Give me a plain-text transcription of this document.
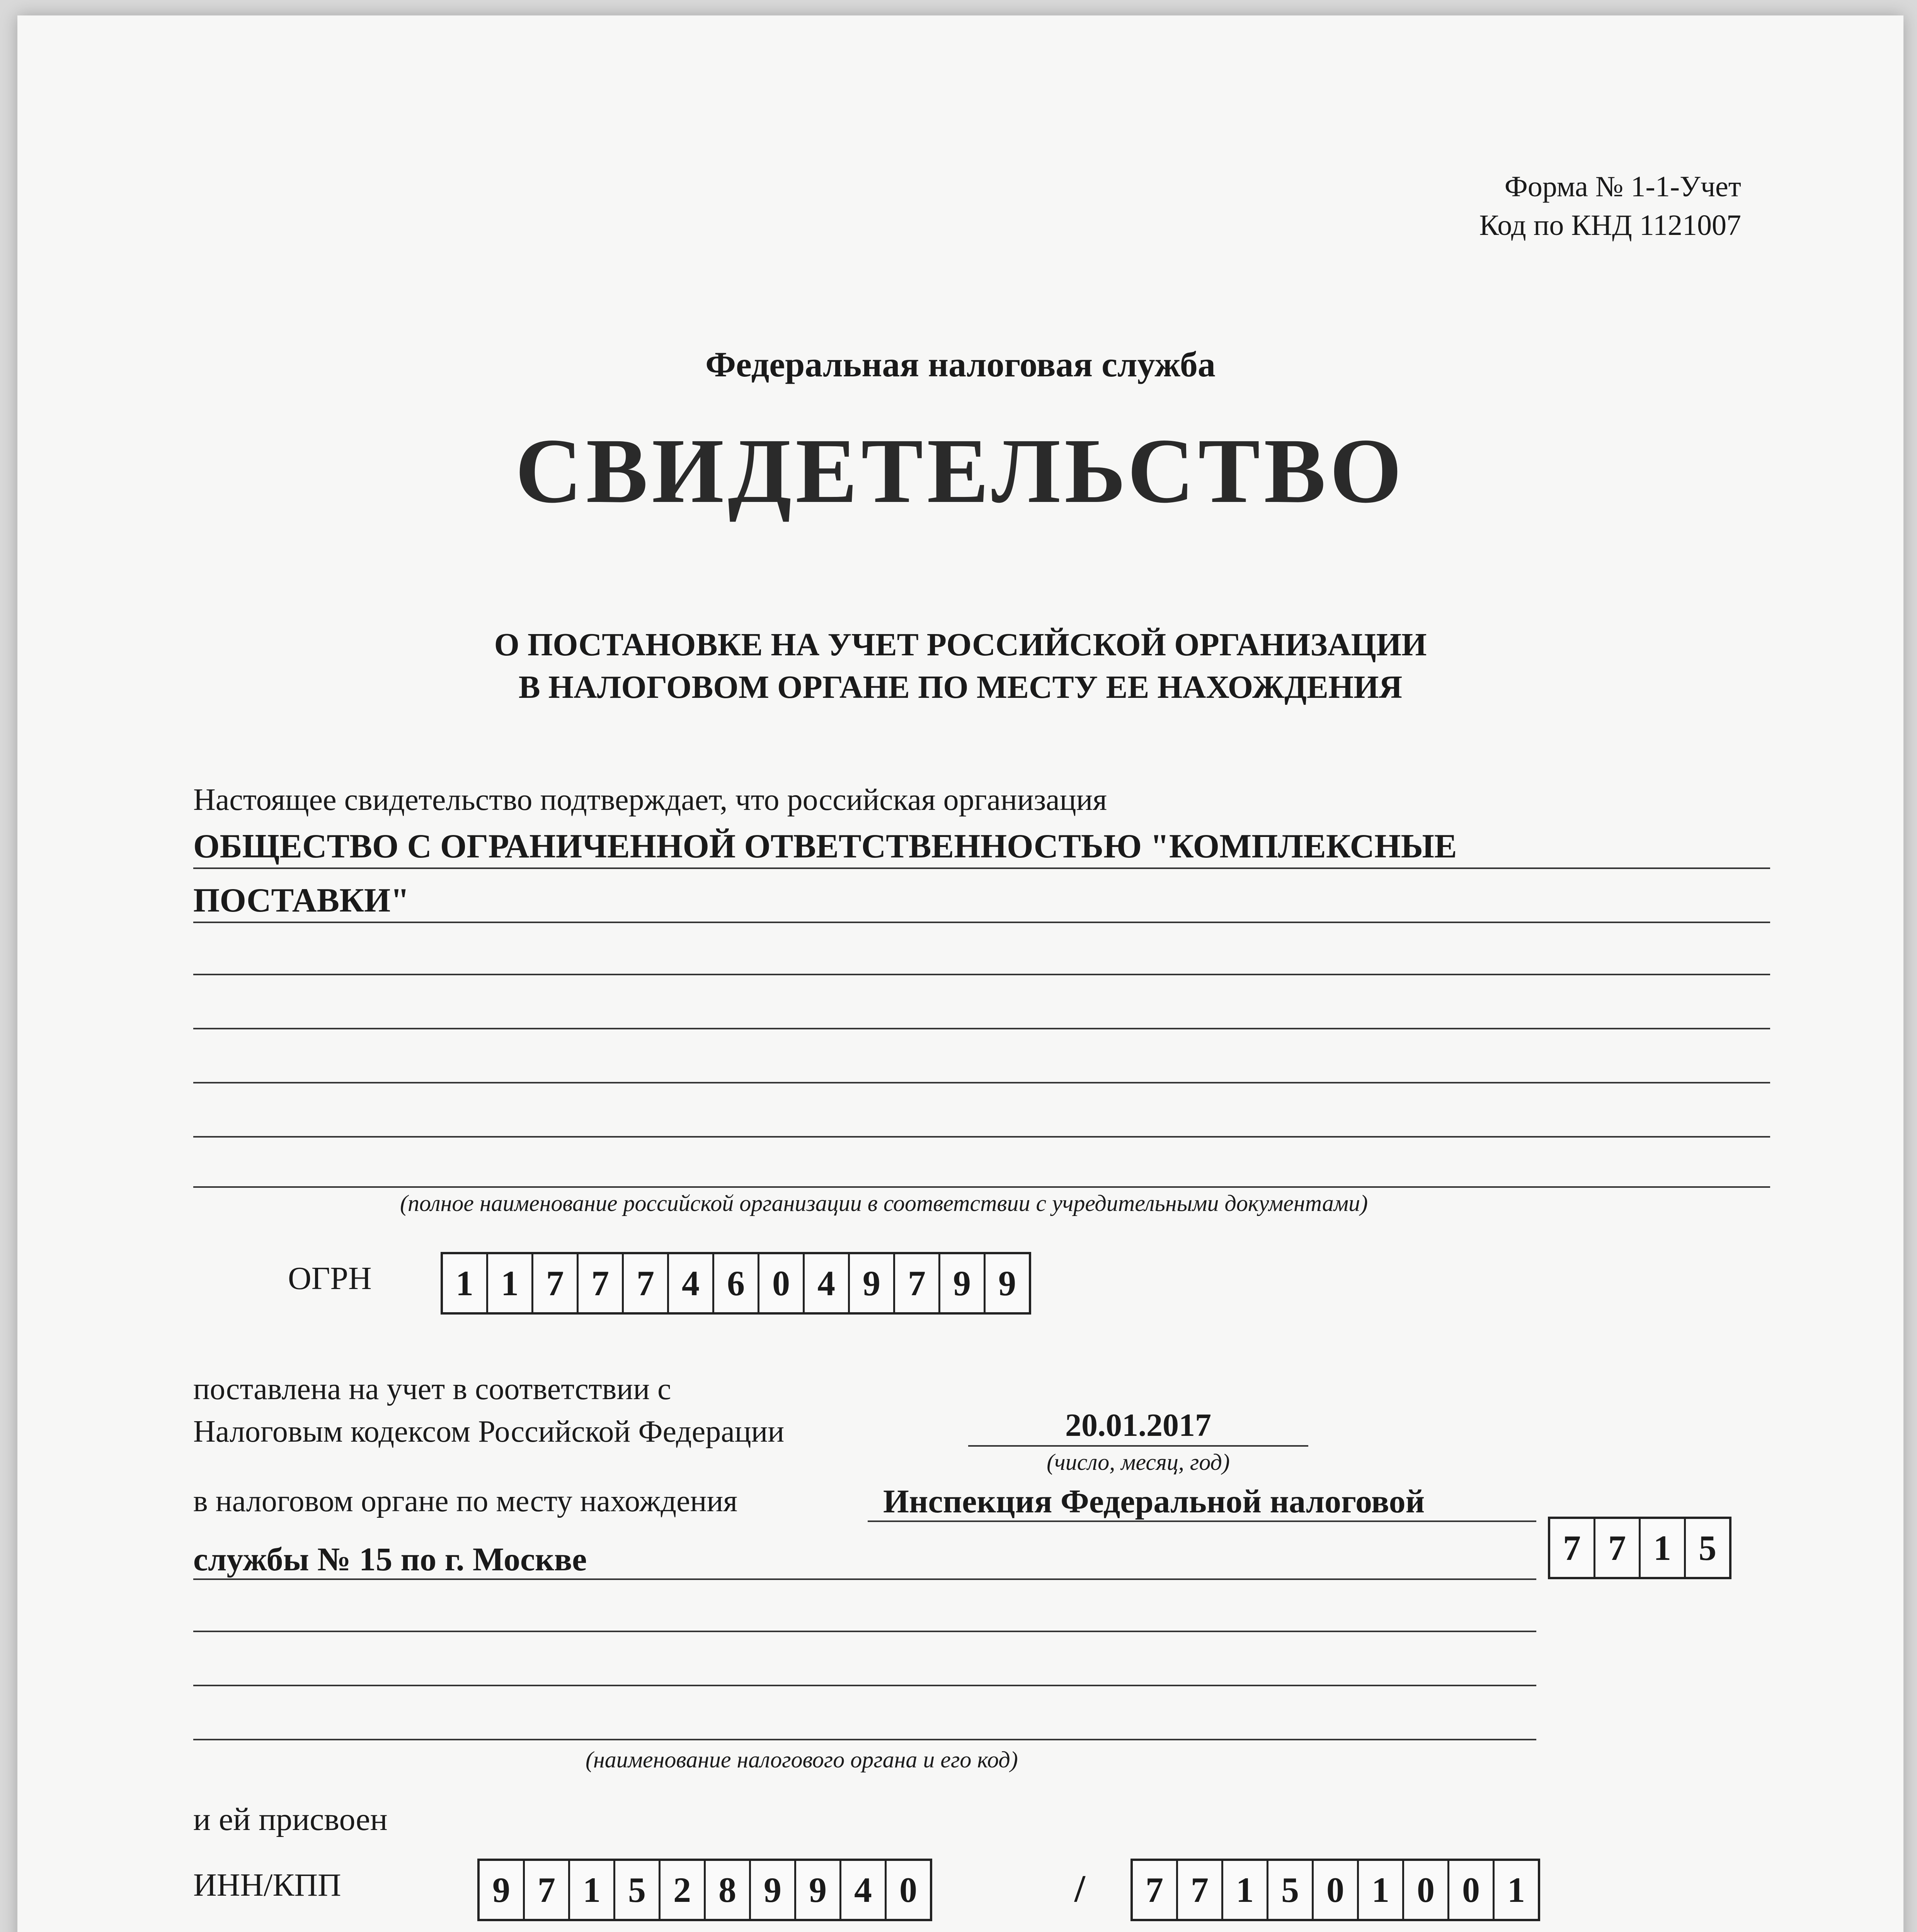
Форма № 1-1-Учет
Код по КНД 1121007
Федеральная налоговая служба
СВИДЕТЕЛЬСТВО
О ПОСТАНОВКЕ НА УЧЕТ РОССИЙСКОЙ ОРГАНИЗАЦИИ
В НАЛОГОВОМ ОРГАНЕ ПО МЕСТУ ЕЕ НАХОЖДЕНИЯ
Настоящее свидетельство подтверждает, что российская организация
ОБЩЕСТВО С ОГРАНИЧЕННОЙ ОТВЕТСТВЕННОСТЬЮ "КОМПЛЕКСНЫЕ
ПОСТАВКИ"
(полное наименование российской организации в соответствии с учредительными документами)
ОГРН	1 1 7 7 7 4 6 0 4 9 7 9 9
поставлена на учет в соответствии с
Налоговым кодексом Российской Федерации	20.01.2017
(число, месяц, год)
в налоговом органе по месту нахождения	Инспекция Федеральной налоговой
службы № 15 по г. Москве	7 7 1 5
(наименование налогового органа и его код)
и ей присвоен
ИНН/КПП	9 7 1 5 2 8 9 9 4 0	/	7 7 1 5 0 1 0 0 1
